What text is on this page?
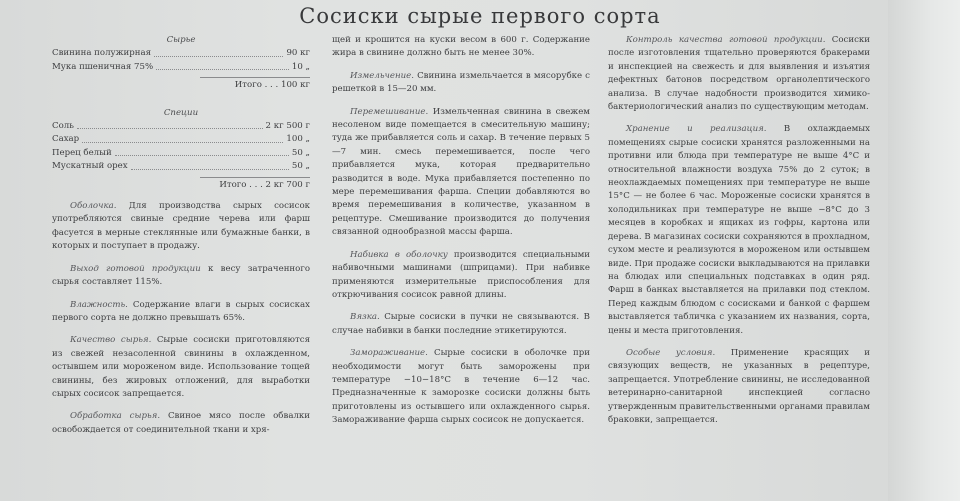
Сосиски сырые первого сорта
Сырье
Свинина полужирная	90 кг
Мука пшеничная 75%	10 „
Итого . . . 100 кг
Специи
Соль	2 кг 500 г
Сахар	100 „
Перец белый	50 „
Мускатный орех	50 „
Итого . . . 2 кг 700 г

Оболочка. Для производства сырых сосисок употребляются свиные средние черева или фарш фасуется в мерные стеклянные или бумажные банки, в которых и поступает в продажу.

Выход готовой продукции к весу затраченного сырья составляет 115%.

Влажность. Содержание влаги в сырых сосисках первого сорта не должно превышать 65%.

Качество сырья. Сырые сосиски приготовляются из свежей незасоленной свинины в охлажденном, остывшем или мороженом виде. Использование тощей свинины, без жировых отложений, для выработки сырых сосисок запрещается.

Обработка сырья. Свиное мясо после обвалки освобождается от соединительной ткани и хря-

щей и крошится на куски весом в 600 г. Содержание жира в свинине должно быть не менее 30%.

Измельчение. Свинина измельчается в мясорубке с решеткой в 15—20 мм.

Перемешивание. Измельченная свинина в свежем несоленом виде помещается в смесительную машину; туда же прибавляется соль и сахар. В течение первых 5—7 мин. смесь перемешивается, после чего прибавляется мука, которая предварительно разводится в воде. Мука прибавляется постепенно по мере перемешивания фарша. Специи добавляются во время перемешивания в количестве, указанном в рецептуре. Смешивание производится до получения связанной однообразной массы фарша.

Набивка в оболочку производится специальными набивочными машинами (шприцами). При набивке применяются измерительные приспособления для открючивания сосисок равной длины.

Вязка. Сырые сосиски в пучки не связываются. В случае набивки в банки последние этикетируются.

Замораживание. Сырые сосиски в оболочке при необходимости могут быть заморожены при температуре −10−18°С в течение 6—12 час. Предназначенные к заморозке сосиски должны быть приготовлены из остывшего или охлажденного сырья. Замораживание фарша сырых сосисок не допускается.

Контроль качества готовой продукции. Сосиски после изготовления тщательно проверяются бракерами и инспекцией на свежесть и для выявления и изъятия дефектных батонов посредством органолептического анализа. В случае надобности производится химико-бактериологический анализ по существующим методам.

Хранение и реализация. В охлаждаемых помещениях сырые сосиски хранятся разложенными на противни или блюда при температуре не выше 4°С и относительной влажности воздуха 75% до 2 суток; в неохлаждаемых помещениях при температуре не выше 15°С — не более 6 час. Мороженые сосиски хранятся в холодильниках при температуре не выше −8°С до 3 месяцев в коробках и ящиках из гофры, картона или дерева. В магазинах сосиски сохраняются в прохладном, сухом месте и реализуются в мороженом или остывшем виде. При продаже сосиски выкладываются на прилавки на блюдах или специальных подставках в один ряд. Фарш в банках выставляется на прилавки под стеклом. Перед каждым блюдом с сосисками и банкой с фаршем выставляется табличка с указанием их названия, сорта, цены и места приготовления.

Особые условия. Применение красящих и связующих веществ, не указанных в рецептуре, запрещается. Употребление свинины, не исследованной ветеринарно-санитарной инспекцией согласно утвержденным правительственными органами правилам браковки, запрещается.
